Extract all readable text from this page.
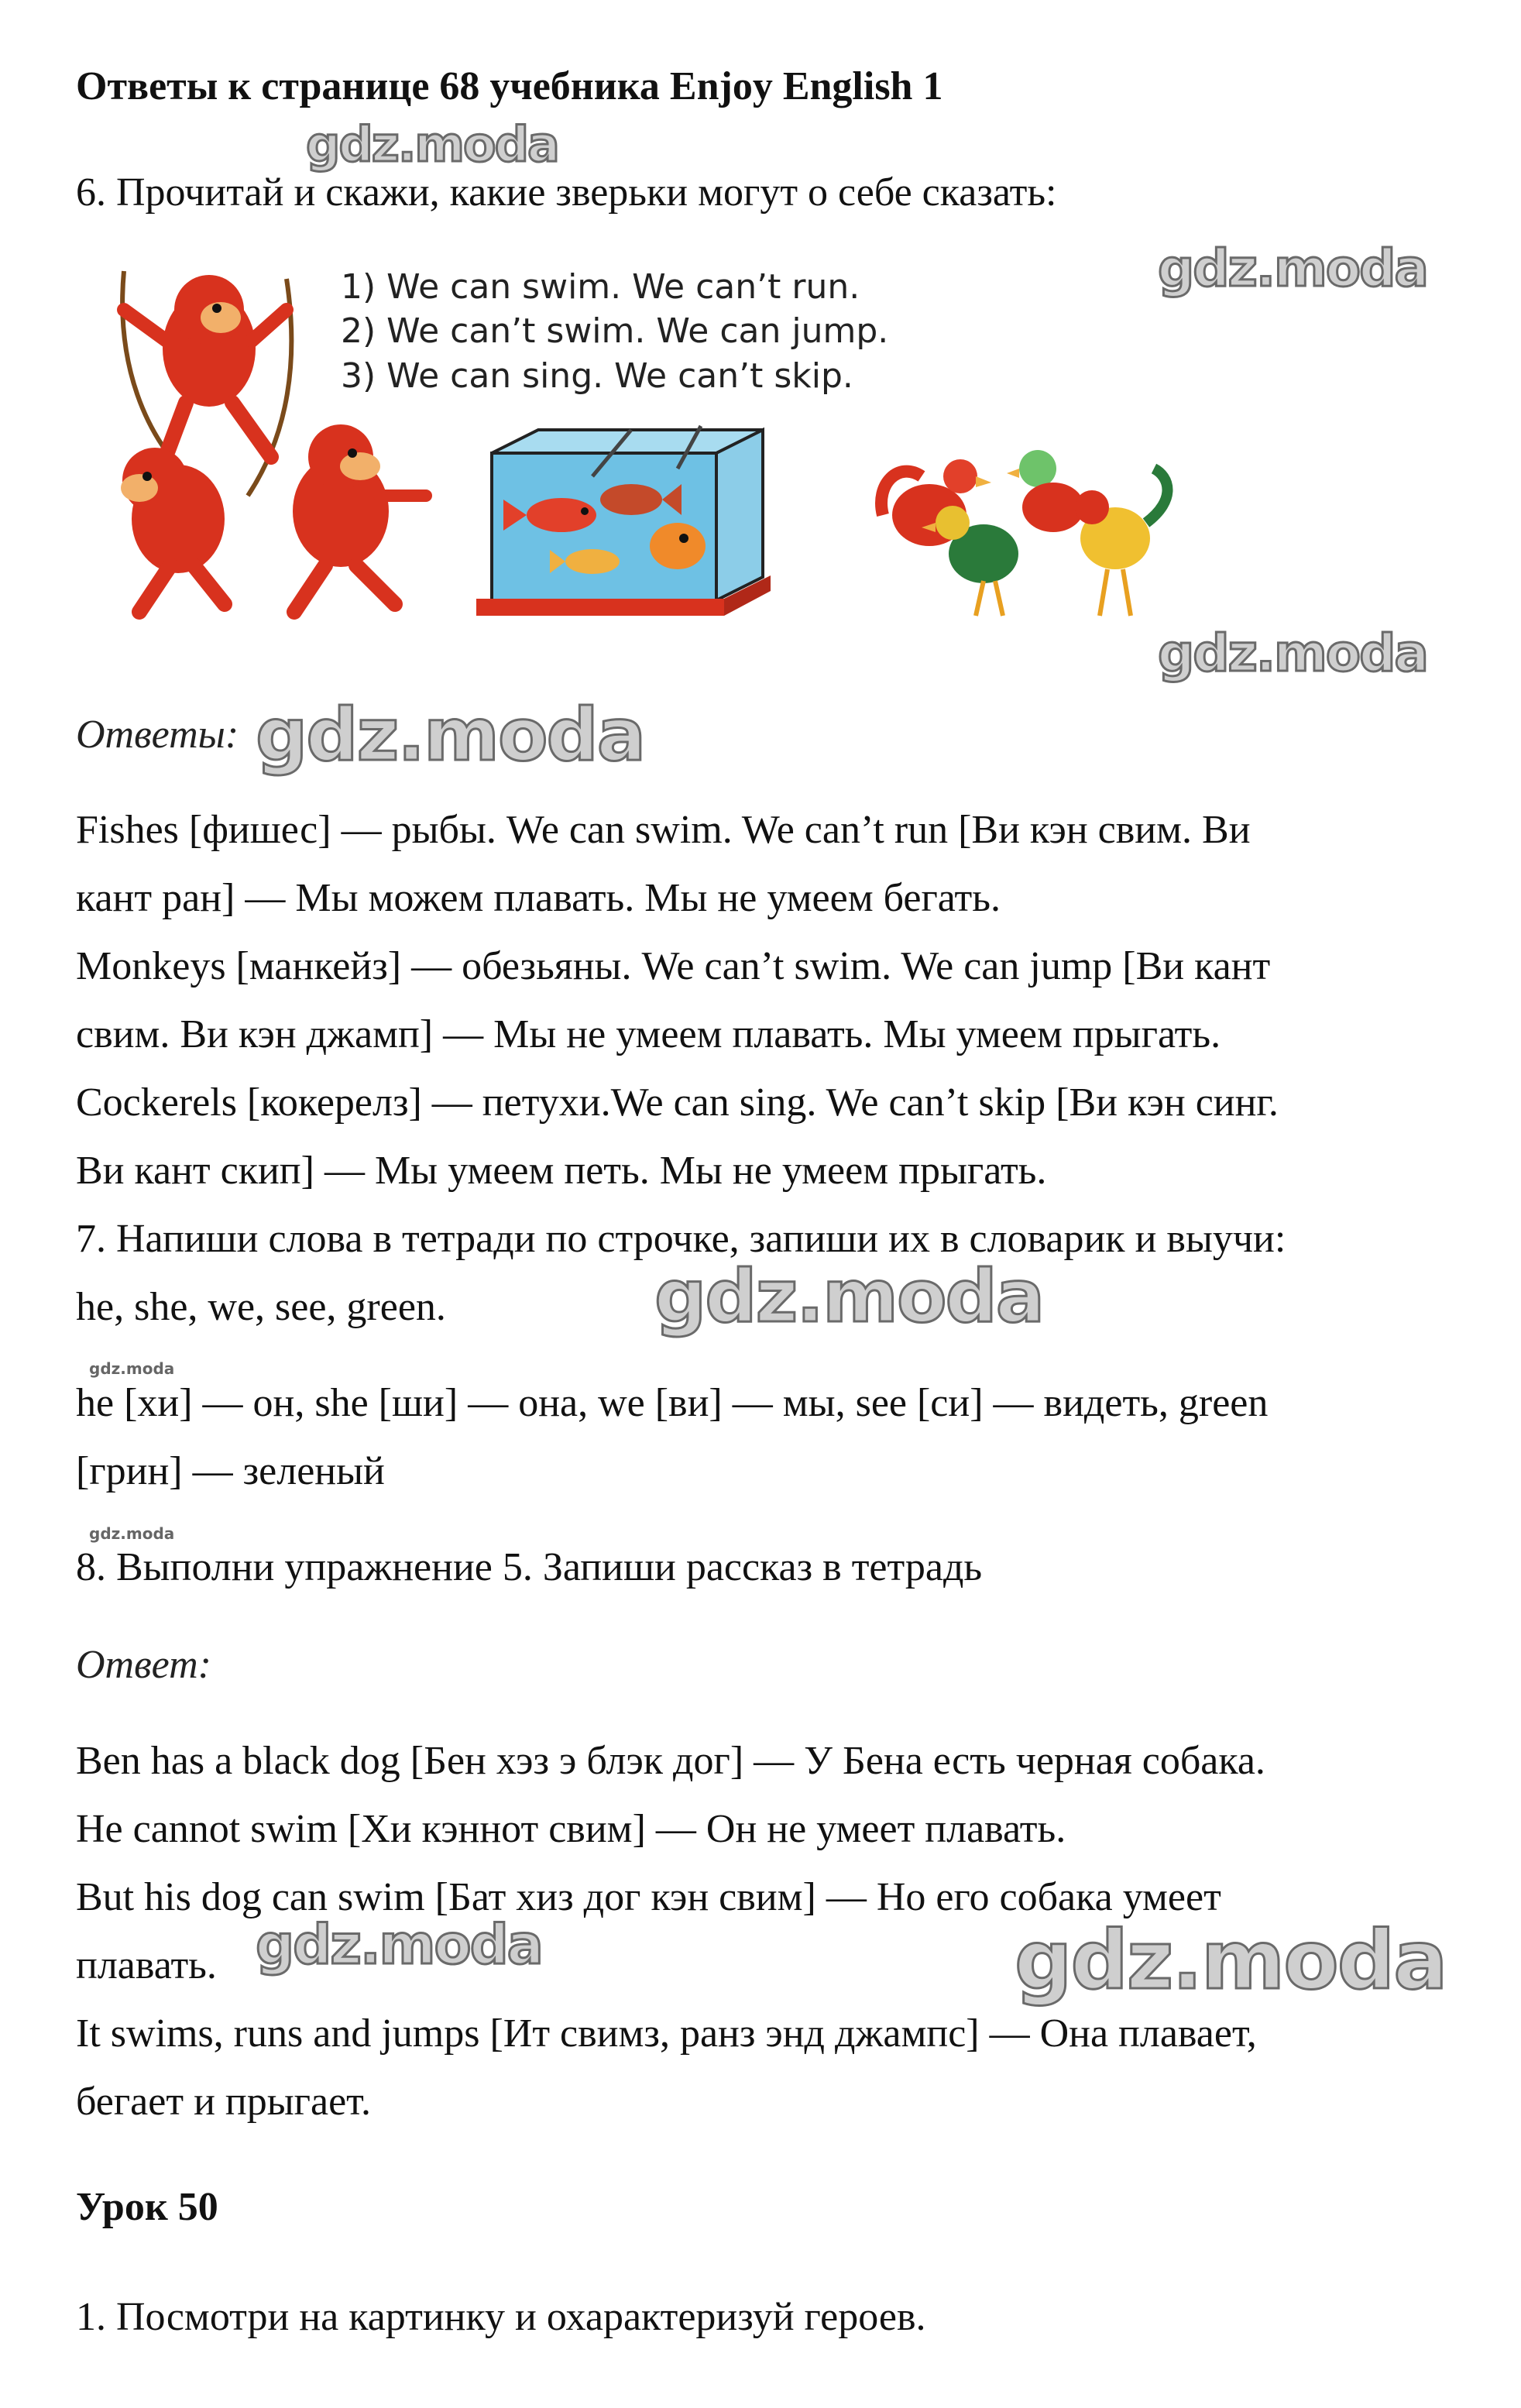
Ответы к странице 68 учебника Enjoy English 1
6. Прочитай и скажи, какие зверьки могут о себе сказать:
1) We can swim. We can’t run.
2) We can’t swim. We can jump.
3) We can sing. We can’t skip.
Ответы:
Fishes [фишес] — рыбы. We can swim. We can’t run [Ви кэн свим. Ви
кант ран] — Мы можем плавать. Мы не умеем бегать.
Monkeys [манкейз] — обезьяны. We can’t swim. We can jump [Ви кант
свим. Ви кэн джамп] — Мы не умеем плавать. Мы умеем прыгать.
Cockerels [кокерелз] — петухи.We can sing. We can’t skip [Ви кэн синг.
Ви кант скип] — Мы умеем петь. Мы не умеем прыгать.
7. Напиши слова в тетради по строчке, запиши их в словарик и выучи:
he, she, we, see, green.
he [хи] — он, she [ши] — она, we [ви] — мы, see [си] — видеть, green
[грин] — зеленый
8. Выполни упражнение 5. Запиши рассказ в тетрадь
Ответ:
Ben has a black dog [Бен хэз э блэк дог] — У Бена есть черная собака.
He cannot swim [Хи кэннот свим] — Он не умеет плавать.
But his dog can swim [Бат хиз дог кэн свим] — Но его собака умеет
плавать.
It swims, runs and jumps [Ит свимз, ранз энд джампс] — Она плавает,
бегает и прыгает.
Урок 50
1. Посмотри на картинку и охарактеризуй героев.
gdz.moda
gdz.moda
gdz.moda
gdz.moda
gdz.moda
gdz.moda
gdz.moda
gdz.moda	gdz.moda
